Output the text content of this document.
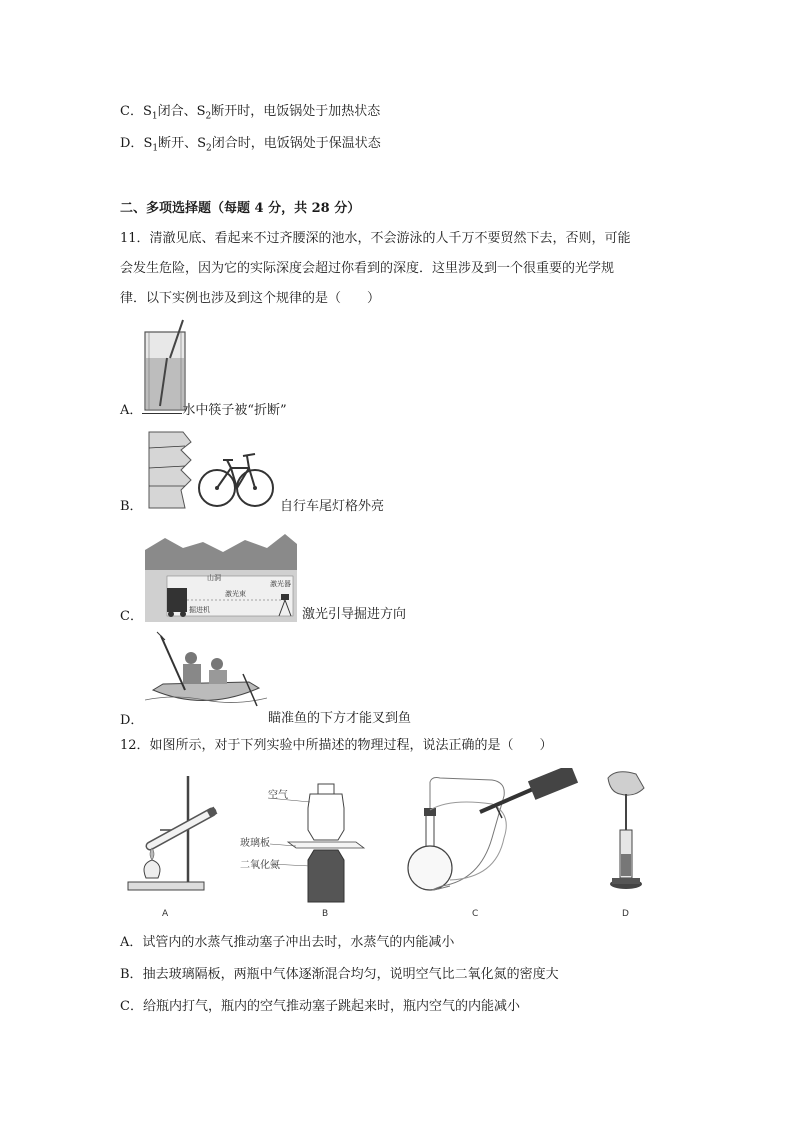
C．$S_1$闭合、$S_2$断开时，电饭锅处于加热状态
D．$S_1$断开、$S_2$闭合时，电饭锅处于保温状态
二、多项选择题（每题 4 分，共 28 分）
11．清澈见底、看起来不过齐腰深的池水，不会游泳的人千万不要贸然下去，否则，可能
会发生危险，因为它的实际深度会超过你看到的深度．这里涉及到一个很重要的光学规
律．以下实例也涉及到这个规律的是（　　）
A．	水中筷子被“折断”
B．	自行车尾灯格外亮
山洞
激光器
激光束
掘进机
C．	激光引导掘进方向
D．	瞄准鱼的下方才能叉到鱼
12．如图所示，对于下列实验中所描述的物理过程，说法正确的是（　　）
A
空气
玻璃板
二氧化氮
B	C	D
A．试管内的水蒸气推动塞子冲出去时，水蒸气的内能减小
B．抽去玻璃隔板，两瓶中气体逐渐混合均匀，说明空气比二氧化氮的密度大
C．给瓶内打气，瓶内的空气推动塞子跳起来时，瓶内空气的内能减小
